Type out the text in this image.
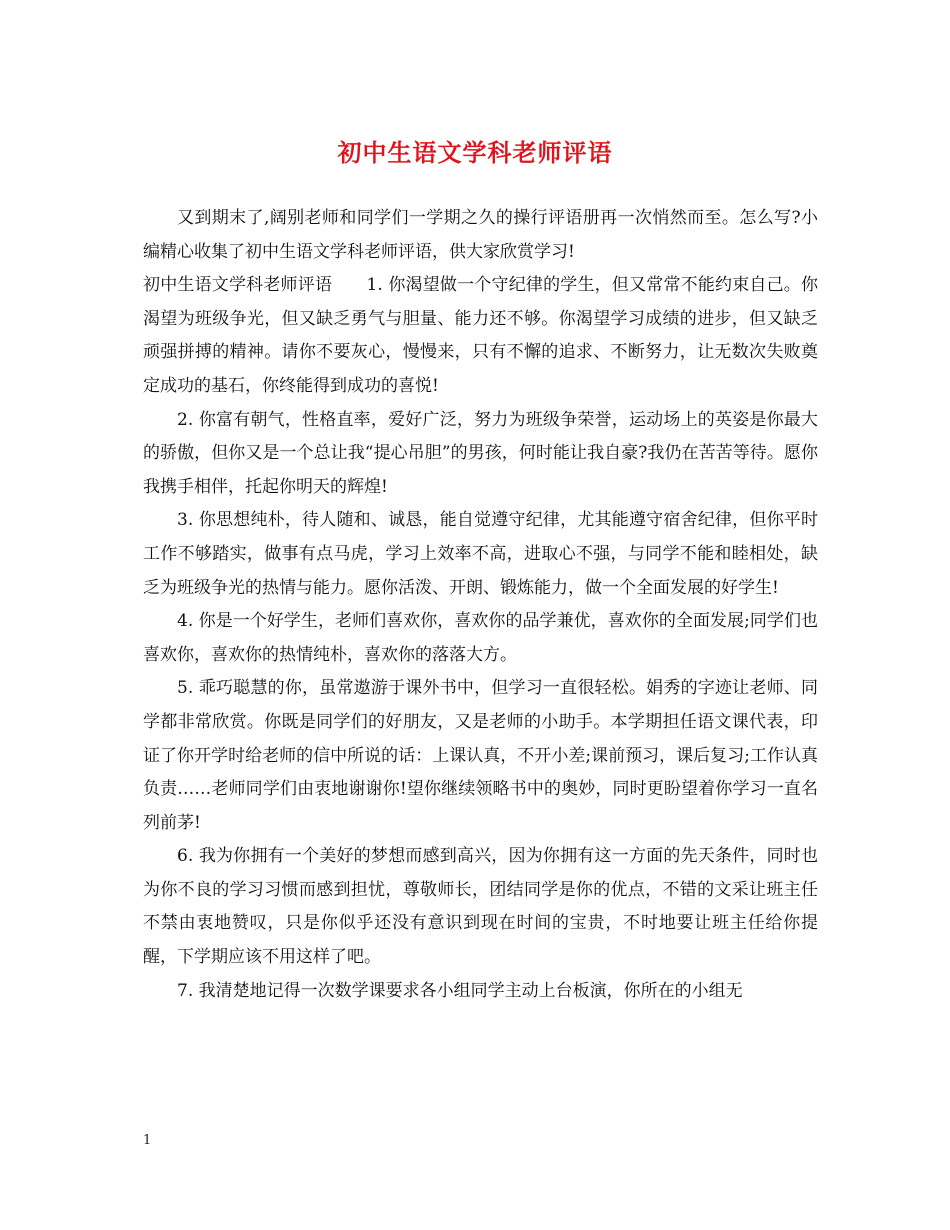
初中生语文学科老师评语

又到期末了,阔别老师和同学们一学期之久的操行评语册再一次悄然而至。怎么写?小编精心收集了初中生语文学科老师评语，供大家欣赏学习!

初中生语文学科老师评语　　1. 你渴望做一个守纪律的学生，但又常常不能约束自己。你渴望为班级争光，但又缺乏勇气与胆量、能力还不够。你渴望学习成绩的进步，但又缺乏顽强拼搏的精神。请你不要灰心，慢慢来，只有不懈的追求、不断努力，让无数次失败奠定成功的基石，你终能得到成功的喜悦!

2. 你富有朝气，性格直率，爱好广泛，努力为班级争荣誉，运动场上的英姿是你最大的骄傲，但你又是一个总让我“提心吊胆”的男孩，何时能让我自豪?我仍在苦苦等待。愿你我携手相伴，托起你明天的辉煌!

3. 你思想纯朴，待人随和、诚恳，能自觉遵守纪律，尤其能遵守宿舍纪律，但你平时工作不够踏实，做事有点马虎，学习上效率不高，进取心不强，与同学不能和睦相处，缺乏为班级争光的热情与能力。愿你活泼、开朗、锻炼能力，做一个全面发展的好学生!

4. 你是一个好学生，老师们喜欢你，喜欢你的品学兼优，喜欢你的全面发展;同学们也喜欢你，喜欢你的热情纯朴，喜欢你的落落大方。

5. 乖巧聪慧的你，虽常遨游于课外书中，但学习一直很轻松。娟秀的字迹让老师、同学都非常欣赏。你既是同学们的好朋友，又是老师的小助手。本学期担任语文课代表，印证了你开学时给老师的信中所说的话：上课认真，不开小差;课前预习，课后复习;工作认真负责……老师同学们由衷地谢谢你!望你继续领略书中的奥妙，同时更盼望着你学习一直名列前茅!

6. 我为你拥有一个美好的梦想而感到高兴，因为你拥有这一方面的先天条件，同时也为你不良的学习习惯而感到担忧，尊敬师长，团结同学是你的优点，不错的文采让班主任不禁由衷地赞叹，只是你似乎还没有意识到现在时间的宝贵，不时地要让班主任给你提醒，下学期应该不用这样了吧。

7. 我清楚地记得一次数学课要求各小组同学主动上台板演，你所在的小组无

1
